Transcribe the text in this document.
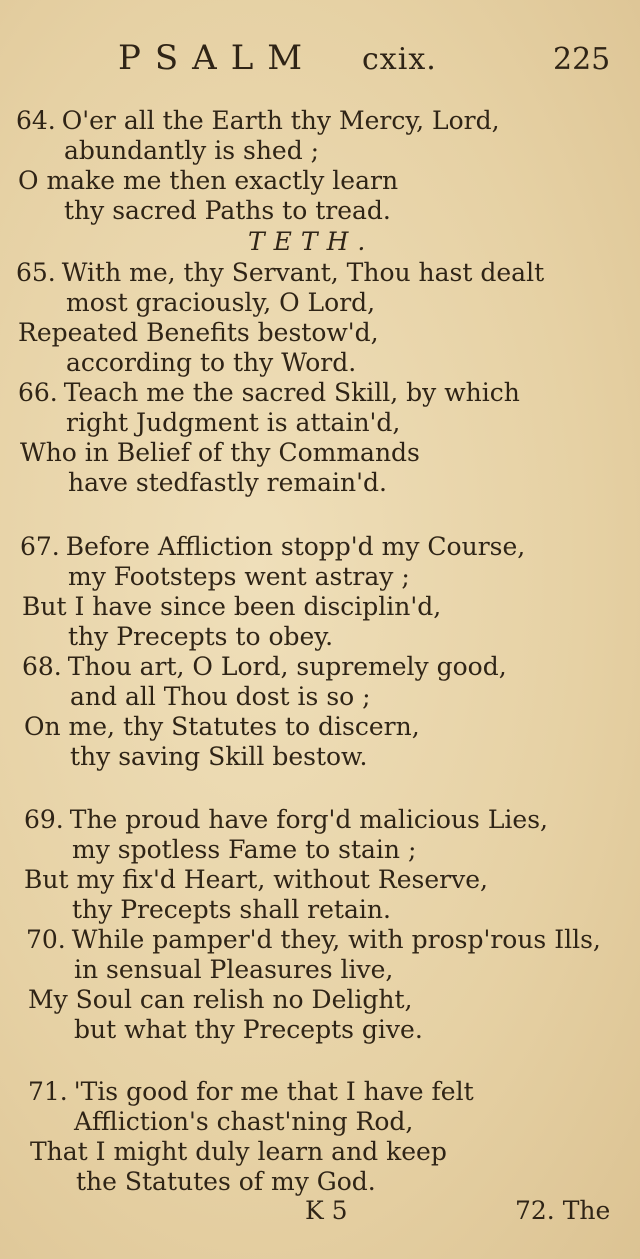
PSALM cxix.	225
64. O'er all the Earth thy Mercy, Lord,
abundantly is shed ;
O make me then exactly learn
thy sacred Paths to tread.
TETH.
65. With me, thy Servant, Thou hast dealt
most graciously, O Lord,
Repeated Benefits bestow'd,
according to thy Word.
66. Teach me the sacred Skill, by which
right Judgment is attain'd,
Who in Belief of thy Commands
have stedfastly remain'd.
67. Before Affliction stopp'd my Course,
my Footsteps went astray ;
But I have since been disciplin'd,
thy Precepts to obey.
68. Thou art, O Lord, supremely good,
and all Thou dost is so ;
On me, thy Statutes to discern,
thy saving Skill bestow.
69. The proud have forg'd malicious Lies,
my spotless Fame to stain ;
But my fix'd Heart, without Reserve,
thy Precepts shall retain.
70. While pamper'd they, with prosp'rous Ills,
in sensual Pleasures live,
My Soul can relish no Delight,
but what thy Precepts give.
71. 'Tis good for me that I have felt
Affliction's chast'ning Rod,
That I might duly learn and keep
the Statutes of my God.
K 5	72. The
